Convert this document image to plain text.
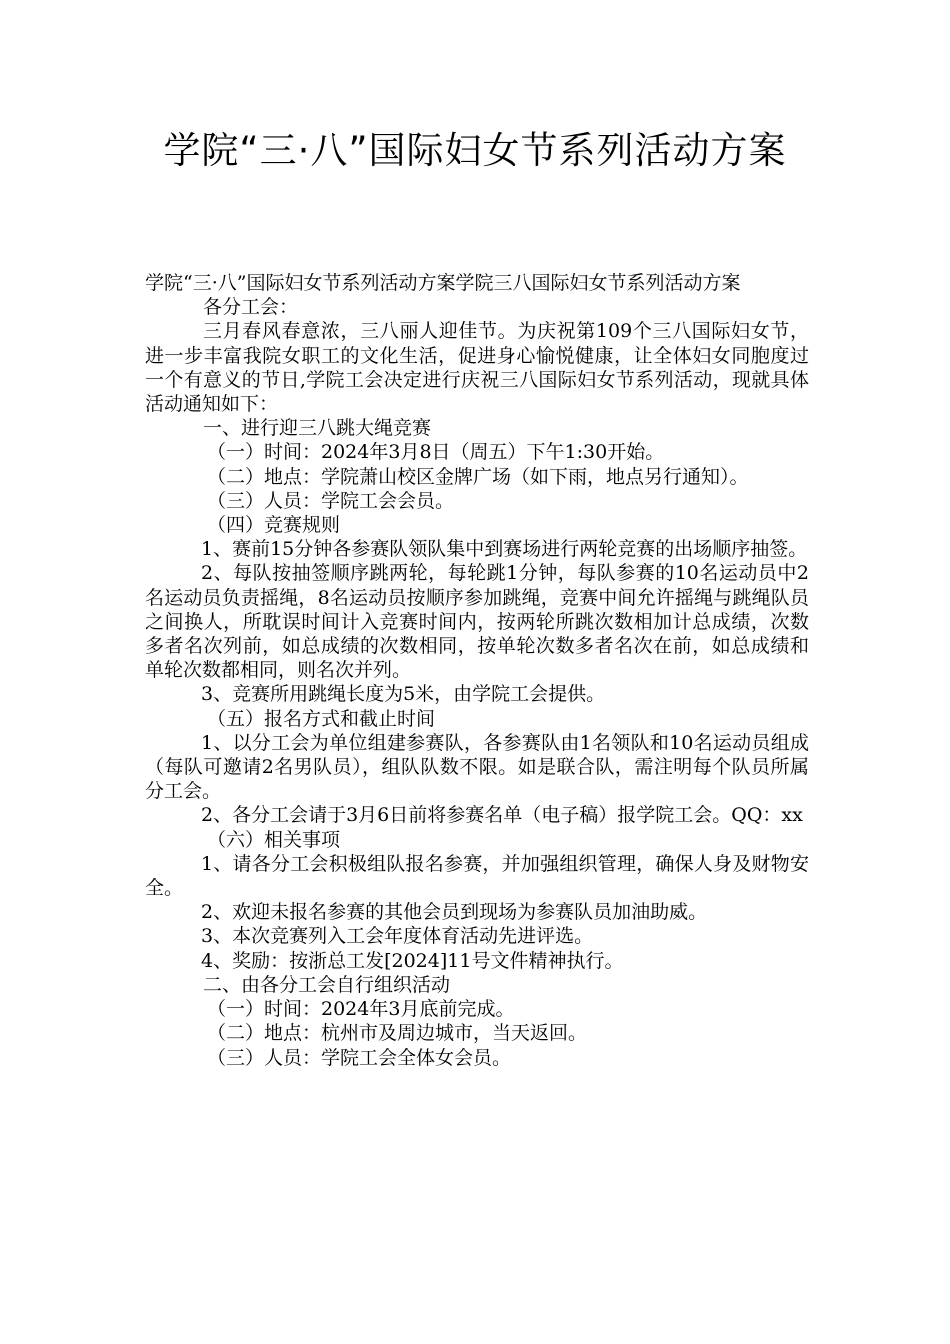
学院“三·八”国际妇女节系列活动方案

学院“三·八”国际妇女节系列活动方案学院三八国际妇女节系列活动方案

各分工会：

三月春风春意浓，三八丽人迎佳节。为庆祝第109个三八国际妇女节，进一步丰富我院女职工的文化生活，促进身心愉悦健康，让全体妇女同胞度过一个有意义的节日,学院工会决定进行庆祝三八国际妇女节系列活动，现就具体活动通知如下：

一、进行迎三八跳大绳竞赛

（一）时间：2024年3月8日（周五）下午1:30开始。

（二）地点：学院萧山校区金牌广场（如下雨，地点另行通知）。

（三）人员：学院工会会员。

（四）竞赛规则

1、赛前15分钟各参赛队领队集中到赛场进行两轮竞赛的出场顺序抽签。

2、每队按抽签顺序跳两轮，每轮跳1分钟，每队参赛的10名运动员中2名运动员负责摇绳，8名运动员按顺序参加跳绳，竞赛中间允许摇绳与跳绳队员之间换人，所耽误时间计入竞赛时间内，按两轮所跳次数相加计总成绩，次数多者名次列前，如总成绩的次数相同，按单轮次数多者名次在前，如总成绩和单轮次数都相同，则名次并列。

3、竞赛所用跳绳长度为5米，由学院工会提供。

（五）报名方式和截止时间

1、以分工会为单位组建参赛队，各参赛队由1名领队和10名运动员组成（每队可邀请2名男队员），组队队数不限。如是联合队，需注明每个队员所属分工会。

2、各分工会请于3月6日前将参赛名单（电子稿）报学院工会。QQ：xx

（六）相关事项

1、请各分工会积极组队报名参赛，并加强组织管理，确保人身及财物安全。

2、欢迎未报名参赛的其他会员到现场为参赛队员加油助威。

3、本次竞赛列入工会年度体育活动先进评选。

4、奖励：按浙总工发[2024]11号文件精神执行。

二、由各分工会自行组织活动

（一）时间：2024年3月底前完成。

（二）地点：杭州市及周边城市，当天返回。

（三）人员：学院工会全体女会员。
